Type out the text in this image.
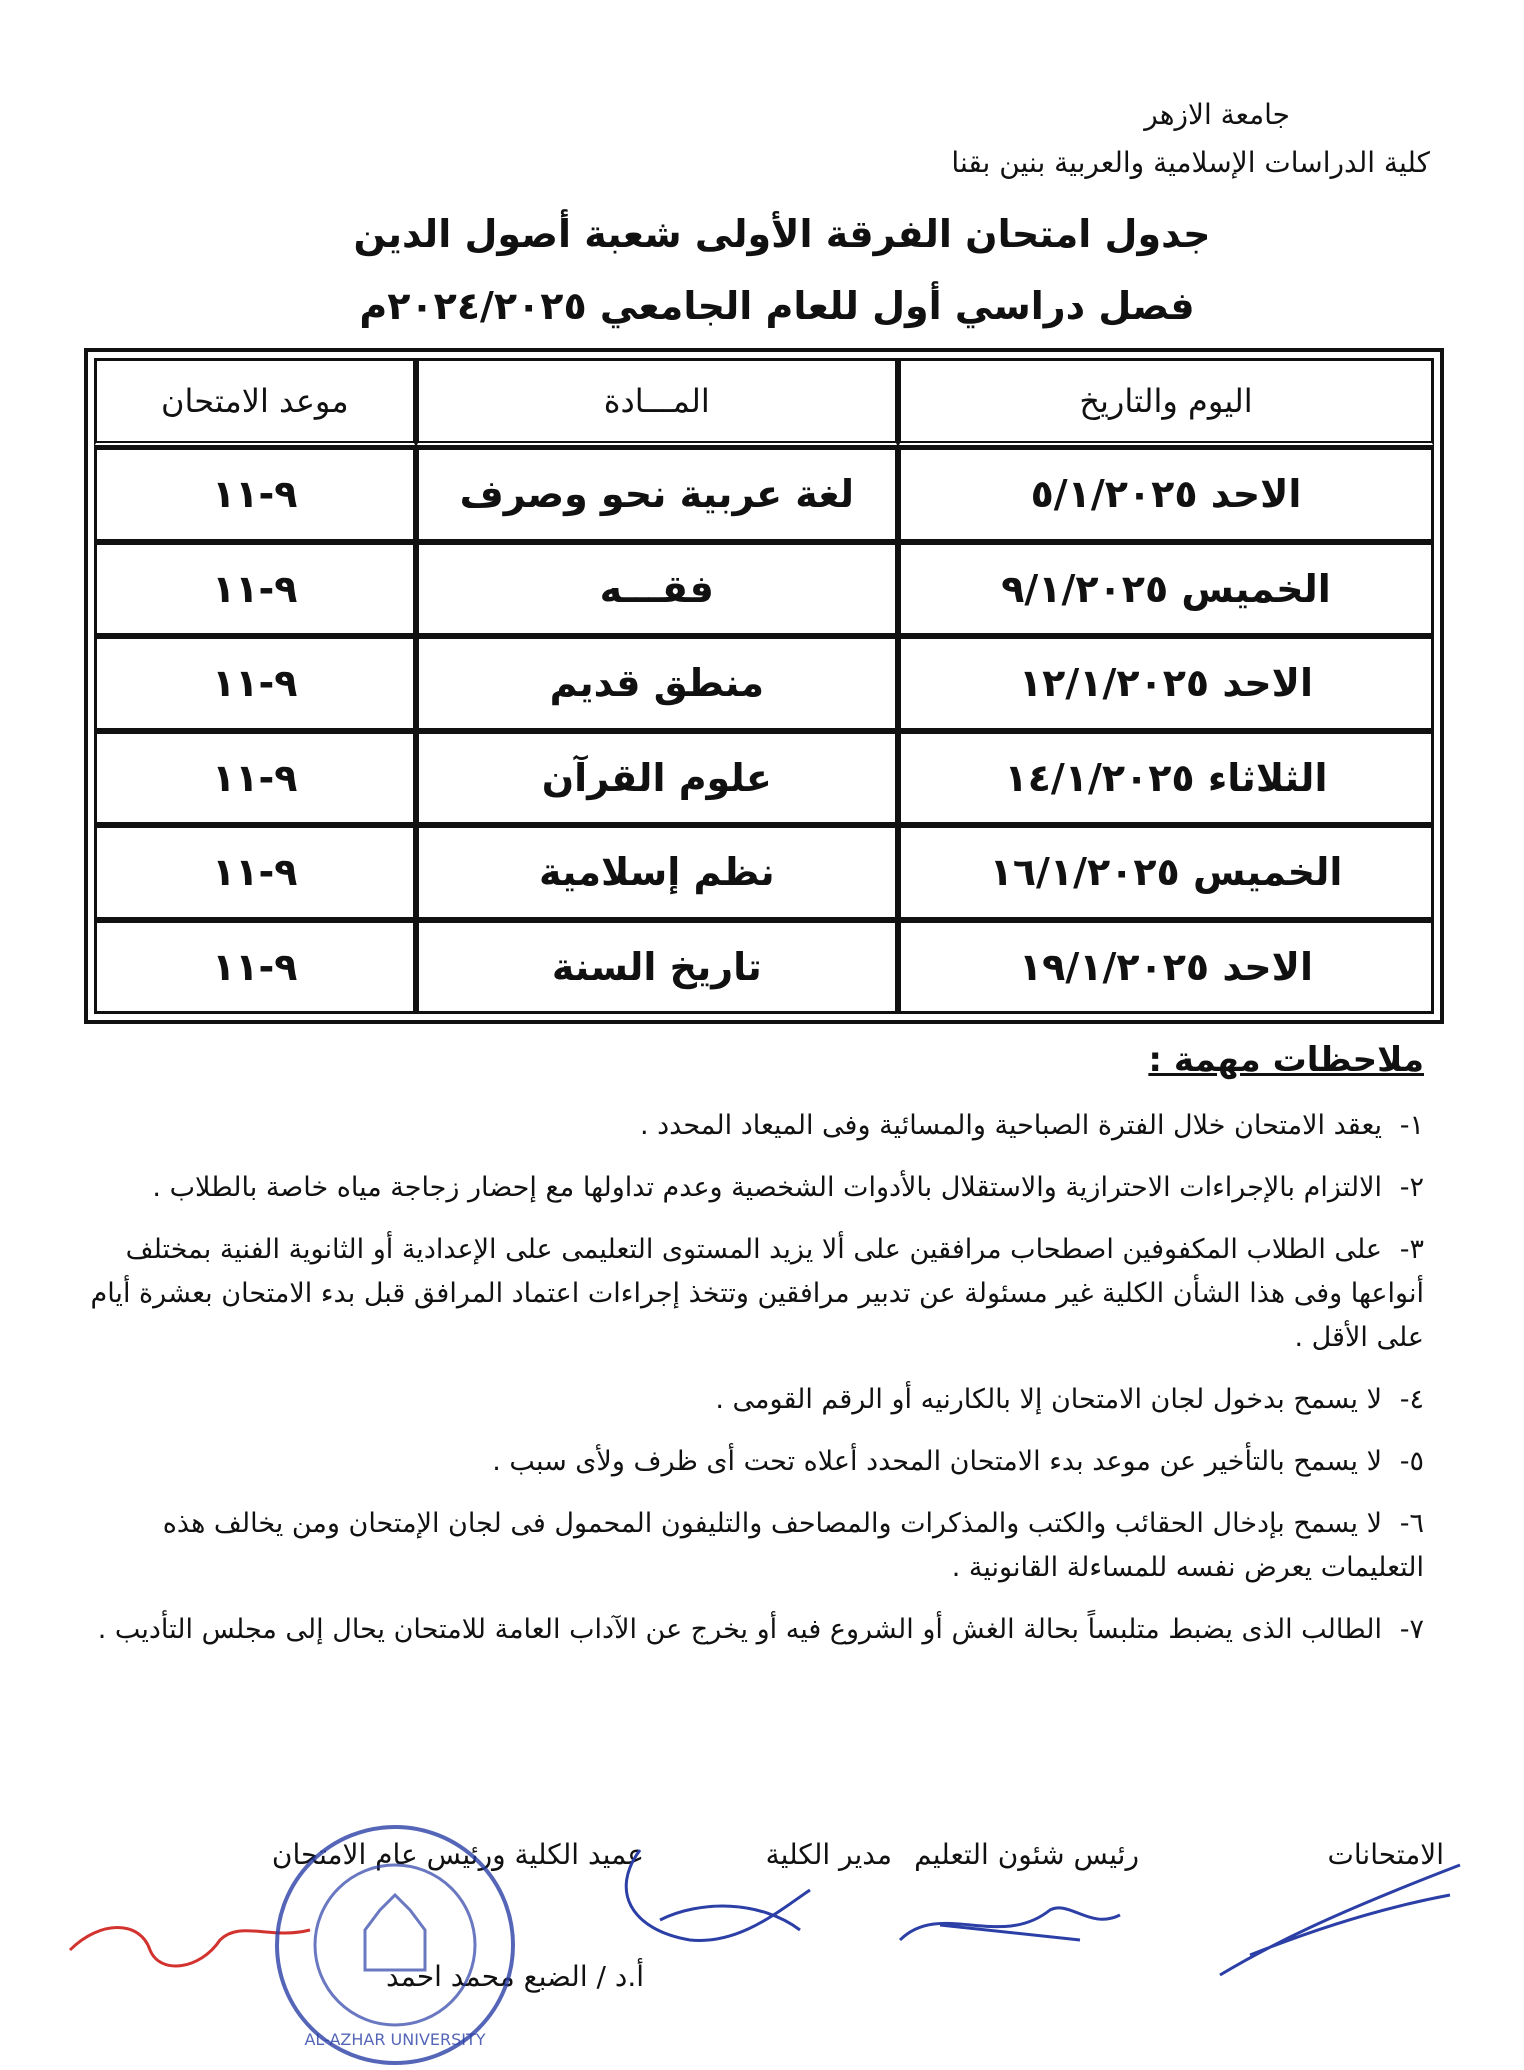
جامعة الازهر
كلية الدراسات الإسلامية والعربية بنين بقنا
جدول امتحان الفرقة الأولى شعبة أصول الدين
فصل دراسي أول للعام الجامعي ٢٠٢٤/٢٠٢٥م
اليوم والتاريخ	المـــادة	موعد الامتحان
الاحد ٥/١/٢٠٢٥	لغة عربية نحو وصرف	٩-١١
الخميس ٩/١/٢٠٢٥	فقـــه	٩-١١
الاحد ١٢/١/٢٠٢٥	منطق قديم	٩-١١
الثلاثاء ١٤/١/٢٠٢٥	علوم القرآن	٩-١١
الخميس ١٦/١/٢٠٢٥	نظم إسلامية	٩-١١
الاحد ١٩/١/٢٠٢٥	تاريخ السنة	٩-١١
ملاحظات مهمة :
١-يعقد الامتحان خلال الفترة الصباحية والمسائية وفى الميعاد المحدد .
٢-الالتزام بالإجراءات الاحترازية والاستقلال بالأدوات الشخصية وعدم تداولها مع إحضار زجاجة مياه خاصة بالطلاب .
٣-على الطلاب المكفوفين اصطحاب مرافقين على ألا يزيد المستوى التعليمى على الإعدادية أو الثانوية الفنية بمختلف أنواعها وفى هذا الشأن الكلية غير مسئولة عن تدبير مرافقين وتتخذ إجراءات اعتماد المرافق قبل بدء الامتحان بعشرة أيام على الأقل .
٤-لا يسمح بدخول لجان الامتحان إلا بالكارنيه أو الرقم القومى .
٥-لا يسمح بالتأخير عن موعد بدء الامتحان المحدد أعلاه تحت أى ظرف ولأى سبب .
٦-لا يسمح بإدخال الحقائب والكتب والمذكرات والمصاحف والتليفون المحمول فى لجان الإمتحان ومن يخالف هذه التعليمات يعرض نفسه للمساءلة القانونية .
٧-الطالب الذى يضبط متلبساً بحالة الغش أو الشروع فيه أو يخرج عن الآداب العامة للامتحان يحال إلى مجلس التأديب .
الامتحانات
رئيس شئون التعليم
مدير الكلية
عميد الكلية ورئيس عام الامتحان
أ.د / الضبع محمد احمد
AL-AZHAR UNIVERSITY
